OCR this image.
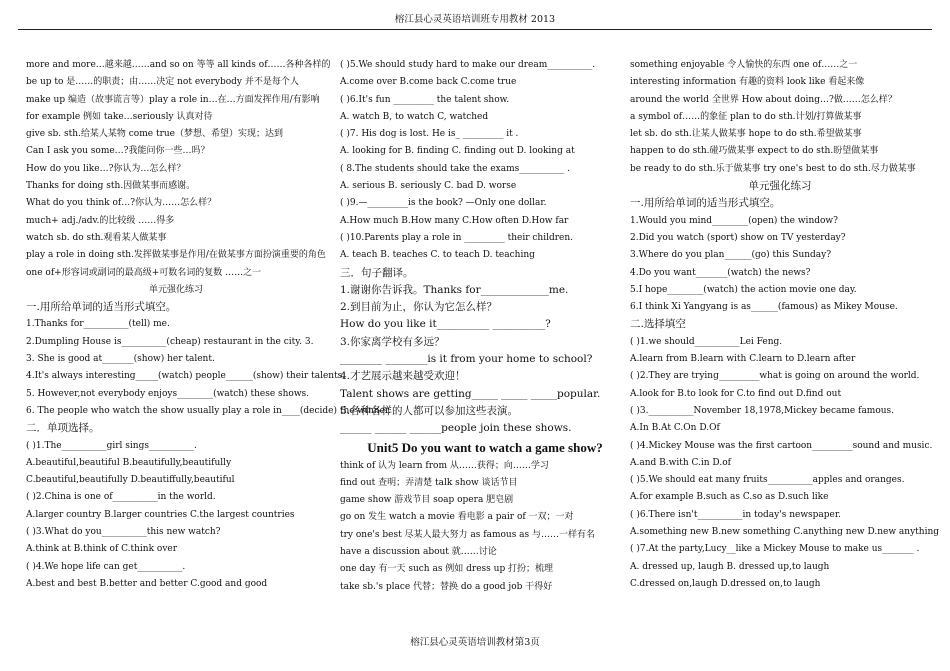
榕江县心灵英语培训班专用教材 2013
more and more…越来越……and so on 等等 all kinds of……各种各样的
be up to 是……的职责；由……决定 not everybody 并不是每个人
make up 编造（故事谎言等）play a role in…在…方面发挥作用/有影响
for example 例如 take…seriously 认真对待
give sb. sth.给某人某物 come true（梦想、希望）实现；达到
Can I ask you some…?我能问你一些…吗？
How do you like…?你认为…怎么样？
Thanks for doing sth.因做某事而感谢。
What do you think of…?你认为……怎么样？
much+ adj./adv.的比较级 ……得多
watch sb. do sth.观看某人做某事
play a role in doing sth.发挥做某事是作用/在做某事方面扮演重要的角色
one of+形容词或副词的最高级+可数名词的复数 ……之一
单元强化练习
一.用所给单词的适当形式填空。
1.Thanks for__________(tell) me.
2.Dumpling House is__________(cheap) restaurant in the city. 3.
3. She is good at_______(show) her talent.
4.It's always interesting_____(watch) people______(show) their talents.
5. However,not everybody enjoys________(watch) these shows.
6. The people who watch the show usually play a role in____(decide) the winner.
二．单项选择。
( )1.The__________girl sings__________.
A.beautiful,beautiful B.beautifully,beautifully
C.beautiful,beautifully D.beautiffully,beautiful
( )2.China is one of__________in the world.
A.larger country B.larger countries C.the largest countries
( )3.What do you__________this new watch?
A.think at B.think of C.think over
( )4.We hope life can get__________.
A.best and best B.better and better C.good and good
( )5.We should study hard to make our dream__________.
A.come over B.come back C.come true
( )6.It's fun _________ the talent show.
A. watch B, to watch C, watched
( )7. His dog is lost. He is_ _________ it .
A. looking for B. finding C. finding out D. looking at
( 8.The students should take the exams__________ .
A. serious B. seriously C. bad D. worse
( )9.—_________is the book? —Only one dollar.
A.How much B.How many C.How often D.How far
( )10.Parents play a role in _________ their children.
A. teach B. teaches C. to teach D. teaching
三．句子翻译。
1.谢谢你告诉我。Thanks for_____________me.
2.到目前为止，你认为它怎么样？
How do you like it__________ __________?
3.你家离学校有多远？
________ ________is it from your home to school?
4.才艺展示越来越受欢迎！
Talent shows are getting_____ _____ _____popular.
5.各种各样的人都可以参加这些表演。
______ ______ ______people join these shows.
Unit5 Do you want to watch a game show?
think of 认为 learn from 从……获得；向……学习
find out 查明；弄清楚 talk show 谈话节目
game show 游戏节目 soap opera 肥皂剧
go on 发生 watch a movie 看电影 a pair of 一双；一对
try one's best 尽某人最大努力 as famous as 与……一样有名
have a discussion about 就……讨论
one day 有一天 such as 例如 dress up 打扮；梳理
take sb.'s place 代替；替换 do a good job 干得好
something enjoyable 令人愉快的东西 one of……之一
interesting information 有趣的资料 look like 看起来像
around the world 全世界 How about doing…?做……怎么样？
a symbol of……的象征 plan to do sth.计划/打算做某事
let sb. do sth.让某人做某事 hope to do sth.希望做某事
happen to do sth.碰巧做某事 expect to do sth.盼望做某事
be ready to do sth.乐于做某事 try one's best to do sth.尽力做某事
单元强化练习
一.用所给单词的适当形式填空。
1.Would you mind________(open) the window?
2.Did you watch (sport) show on TV yesterday?
3.Where do you plan______(go) this Sunday?
4.Do you want_______(watch) the news?
5.I hope________(watch) the action movie one day.
6.I think Xi Yangyang is as______(famous) as Mikey Mouse.
二.选择填空
( )1.we should__________Lei Feng.
A.learn from B.learn with C.learn to D.learn after
( )2.They are trying_________what is going on around the world.
A.look for B.to look for C.to find out D.find out
( )3.__________November 18,1978,Mickey became famous.
A.In B.At C.On D.Of
( )4.Mickey Mouse was the first cartoon_________sound and music.
A.and B.with C.in D.of
( )5.We should eat many fruits__________apples and oranges.
A.for example B.such as C.so as D.such like
( )6.There isn't__________in today's newspaper.
A.something new B.new something C.anything new D.new anything
( )7.At the party,Lucy__like a Mickey Mouse to make us_______ .
A. dressed up, laugh B. dressed up,to laugh
C.dressed on,laugh D.dressed on,to laugh
榕江县心灵英语培训教材第3页
